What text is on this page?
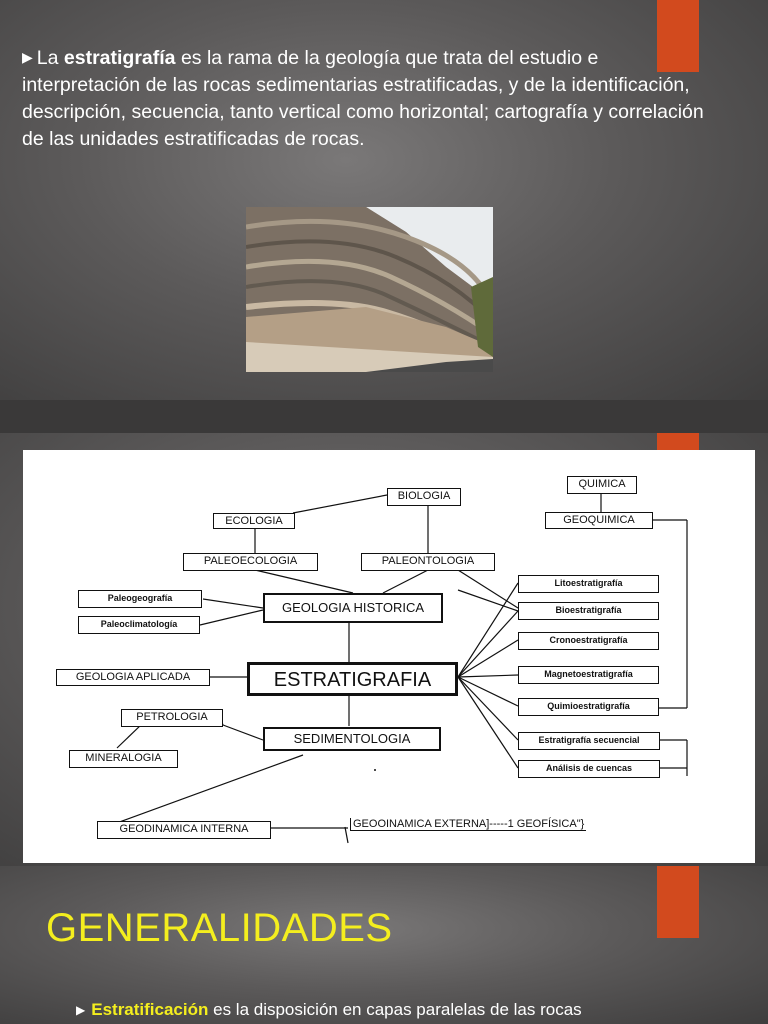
▶ La estratigrafía es la rama de la geología que trata del estudio e interpretación de las rocas sedimentarias estratificadas, y de la identificación, descripción, secuencia, tanto vertical como horizontal; cartografía y correlación de las unidades estratificadas de rocas.
BIOLOGIA
ECOLOGIA
PALEOECOLOGIA	PALEONTOLOGIA
Paleogeografía
Paleoclimatología
GEOLOGIA HISTORICA
GEOLOGIA APLICADA	ESTRATIGRAFIA
PETROLOGIA
MINERALOGIA
SEDIMENTOLOGIA
GEODINAMICA INTERNA	GEOOINAMICA EXTERNA]-----1 GEOFÍSICA"}
QUIMICA
GEOQUIMICA
Litoestratigrafía
Bioestratigrafía
Cronoestratigrafía
Magnetoestratigrafía
Quimioestratigrafía
Estratigrafía secuencial
Análisis de cuencas
GENERALIDADES
▶ Estratificación es la disposición en capas paralelas de las rocas
